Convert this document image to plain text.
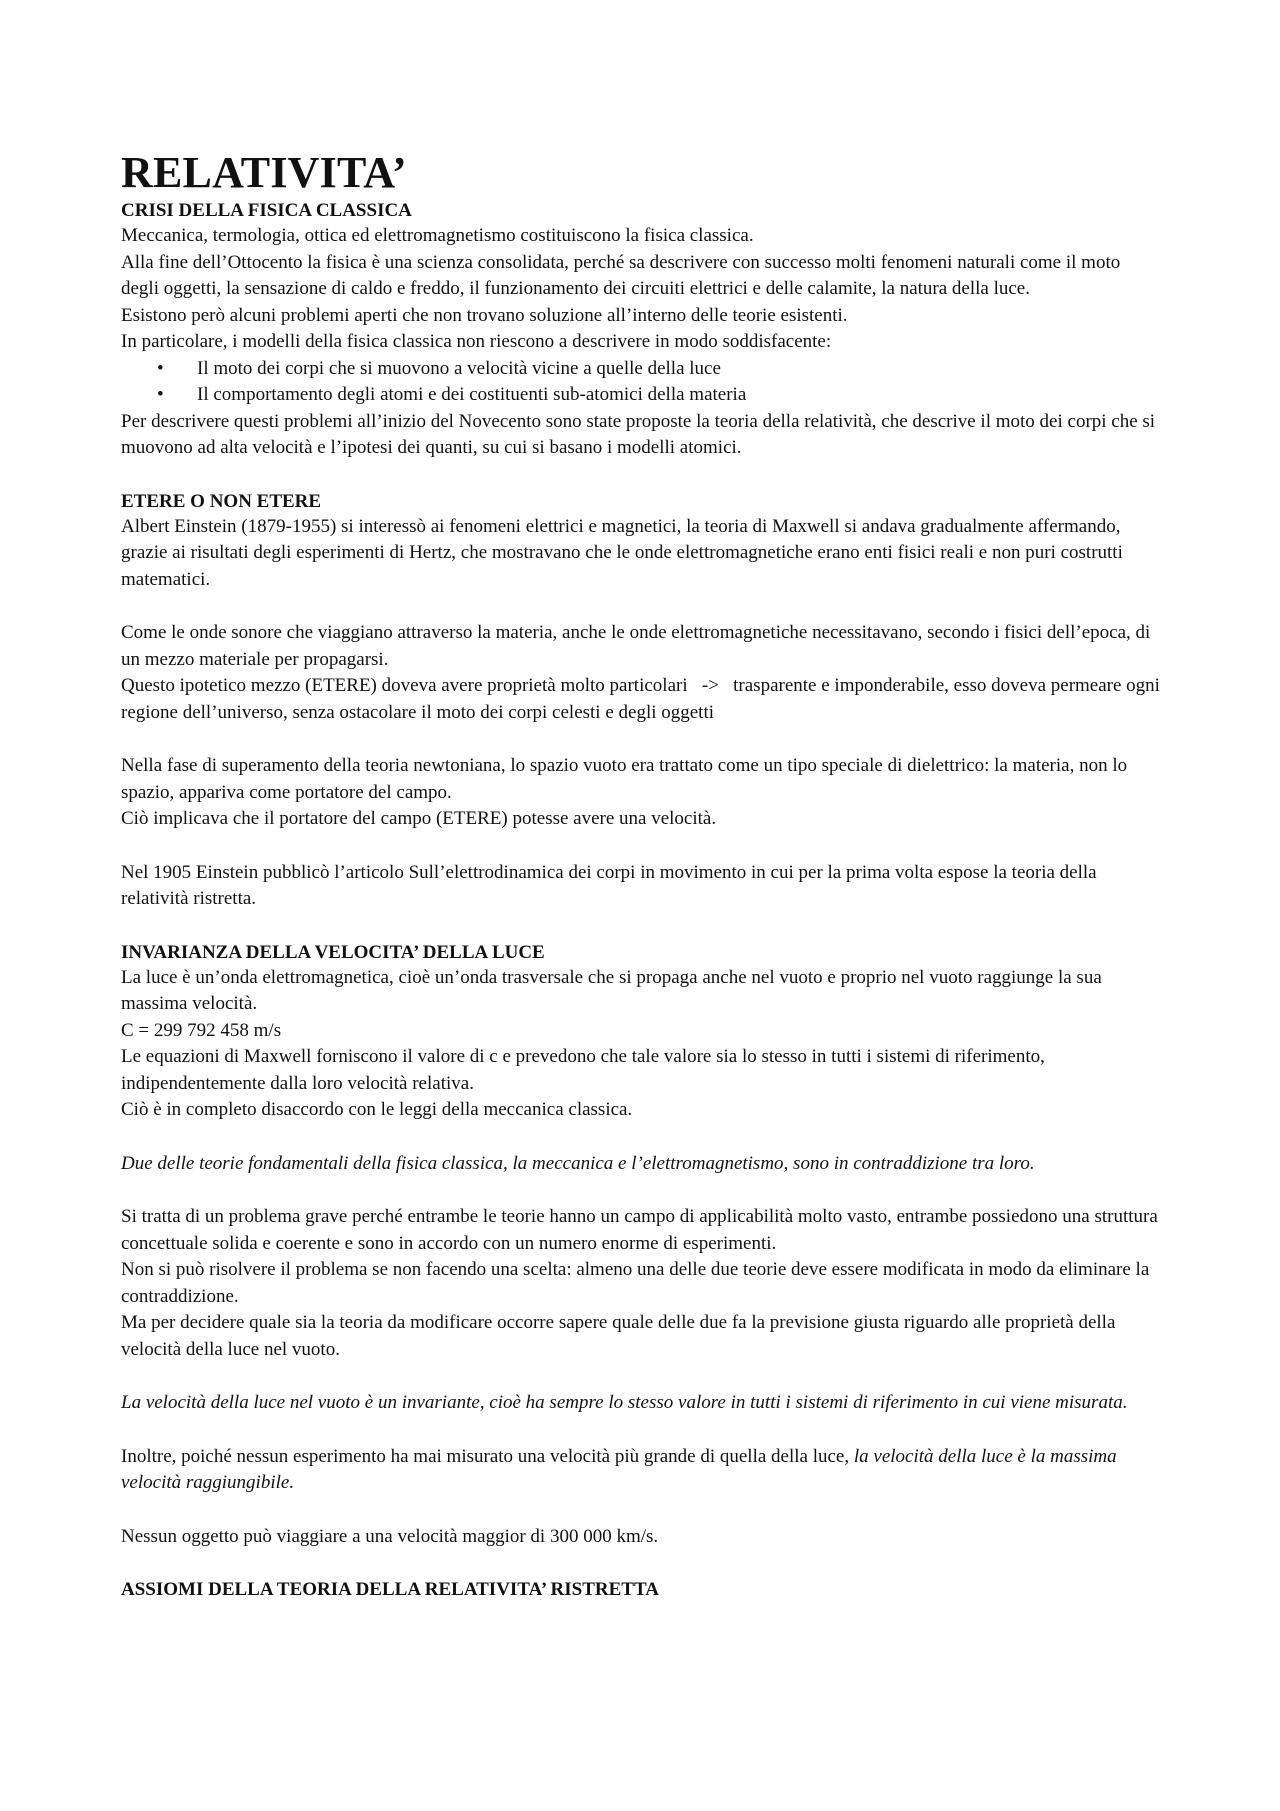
RELATIVITA’
CRISI DELLA FISICA CLASSICA

Meccanica, termologia, ottica ed elettromagnetismo costituiscono la fisica classica.

Alla fine dell’Ottocento la fisica è una scienza consolidata, perché sa descrivere con successo molti fenomeni naturali come il moto degli oggetti, la sensazione di caldo e freddo, il funzionamento dei circuiti elettrici e delle calamite, la natura della luce.

Esistono però alcuni problemi aperti che non trovano soluzione all’interno delle teorie esistenti.

In particolare, i modelli della fisica classica non riescono a descrivere in modo soddisfacente:

• Il moto dei corpi che si muovono a velocità vicine a quelle della luce
• Il comportamento degli atomi e dei costituenti sub-atomici della materia

Per descrivere questi problemi all’inizio del Novecento sono state proposte la teoria della relatività, che descrive il moto dei corpi che si muovono ad alta velocità e l’ipotesi dei quanti, su cui si basano i modelli atomici.

ETERE O NON ETERE

Albert Einstein (1879-1955) si interessò ai fenomeni elettrici e magnetici, la teoria di Maxwell si andava gradualmente affermando, grazie ai risultati degli esperimenti di Hertz, che mostravano che le onde elettromagnetiche erano enti fisici reali e non puri costrutti matematici.

Come le onde sonore che viaggiano attraverso la materia, anche le onde elettromagnetiche necessitavano, secondo i fisici dell’epoca, di un mezzo materiale per propagarsi.

Questo ipotetico mezzo (ETERE) doveva avere proprietà molto particolari   ->   trasparente e imponderabile, esso doveva permeare ogni regione dell’universo, senza ostacolare il moto dei corpi celesti e degli oggetti

Nella fase di superamento della teoria newtoniana, lo spazio vuoto era trattato come un tipo speciale di dielettrico: la materia, non lo spazio, appariva come portatore del campo.

Ciò implicava che il portatore del campo (ETERE) potesse avere una velocità.

Nel 1905 Einstein pubblicò l’articolo Sull’elettrodinamica dei corpi in movimento in cui per la prima volta espose la teoria della relatività ristretta.

INVARIANZA DELLA VELOCITA’ DELLA LUCE

La luce è un’onda elettromagnetica, cioè un’onda trasversale che si propaga anche nel vuoto e proprio nel vuoto raggiunge la sua massima velocità.

C = 299 792 458 m/s

Le equazioni di Maxwell forniscono il valore di c e prevedono che tale valore sia lo stesso in tutti i sistemi di riferimento, indipendentemente dalla loro velocità relativa.

Ciò è in completo disaccordo con le leggi della meccanica classica.

Due delle teorie fondamentali della fisica classica, la meccanica e l’elettromagnetismo, sono in contraddizione tra loro.

Si tratta di un problema grave perché entrambe le teorie hanno un campo di applicabilità molto vasto, entrambe possiedono una struttura concettuale solida e coerente e sono in accordo con un numero enorme di esperimenti.

Non si può risolvere il problema se non facendo una scelta: almeno una delle due teorie deve essere modificata in modo da eliminare la contraddizione.

Ma per decidere quale sia la teoria da modificare occorre sapere quale delle due fa la previsione giusta riguardo alle proprietà della velocità della luce nel vuoto.

La velocità della luce nel vuoto è un invariante, cioè ha sempre lo stesso valore in tutti i sistemi di riferimento in cui viene misurata.

Inoltre, poiché nessun esperimento ha mai misurato una velocità più grande di quella della luce, la velocità della luce è la massima velocità raggiungibile.

Nessun oggetto può viaggiare a una velocità maggior di 300 000 km/s.

ASSIOMI DELLA TEORIA DELLA RELATIVITA’ RISTRETTA
